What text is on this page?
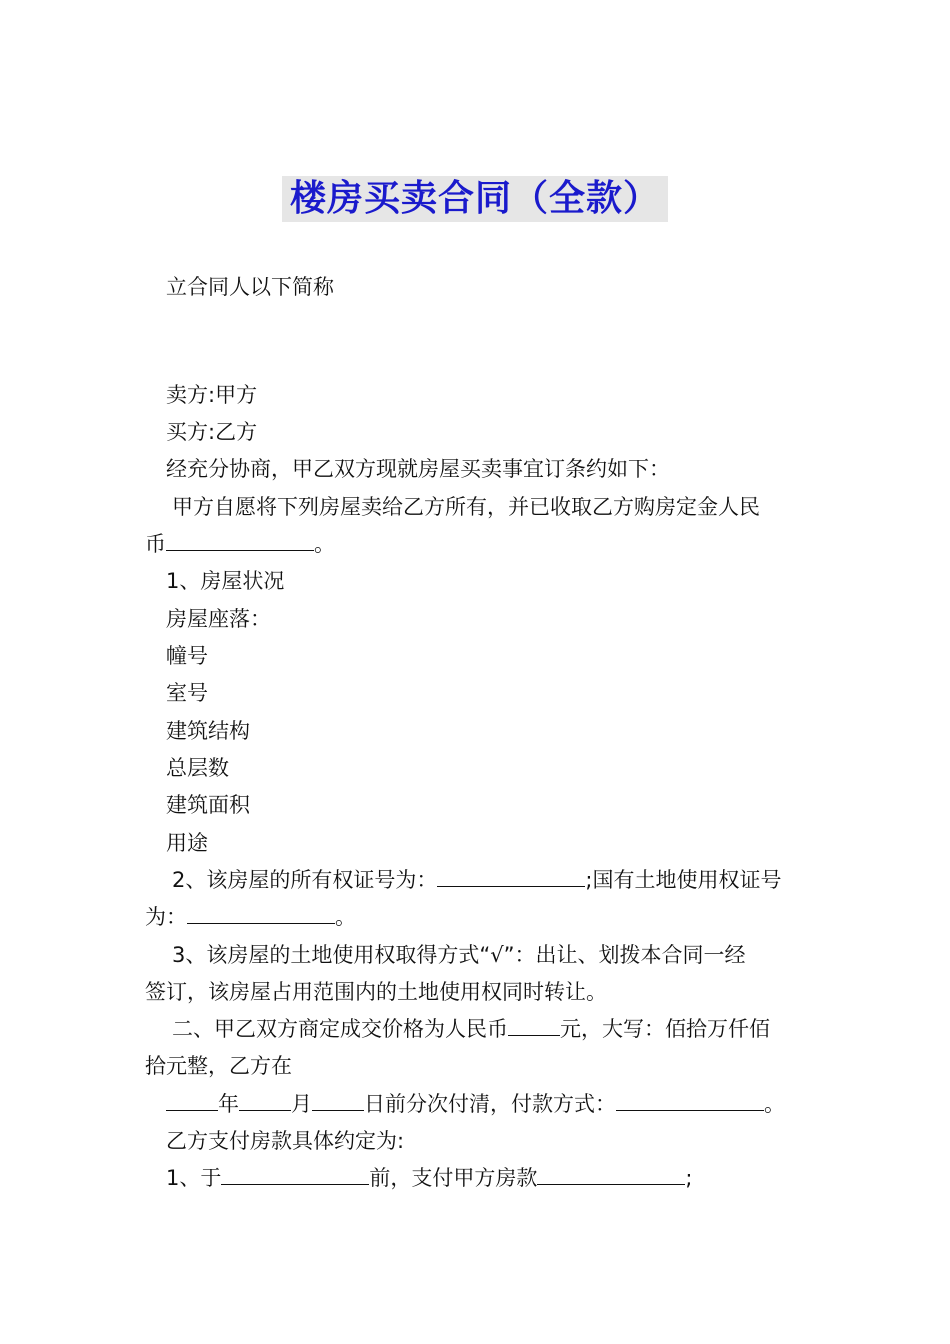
楼房买卖合同（全款）
立合同人以下简称
卖方:甲方
买方:乙方
经充分协商，甲乙双方现就房屋买卖事宜订条约如下：
甲方自愿将下列房屋卖给乙方所有，并已收取乙方购房定金人民
币	。
1、房屋状况
房屋座落：
幢号
室号
建筑结构
总层数
建筑面积
用途
2、该房屋的所有权证号为：	;国有土地使用权证号
为：	。
3、该房屋的土地使用权取得方式“√”：出让、划拨本合同一经
签订，该房屋占用范围内的土地使用权同时转让。
二、甲乙双方商定成交价格为人民币 元，大写：佰拾万仟佰
拾元整，乙方在
年 月 日前分次付清，付款方式：	。
乙方支付房款具体约定为:
1、于	前，支付甲方房款	;
